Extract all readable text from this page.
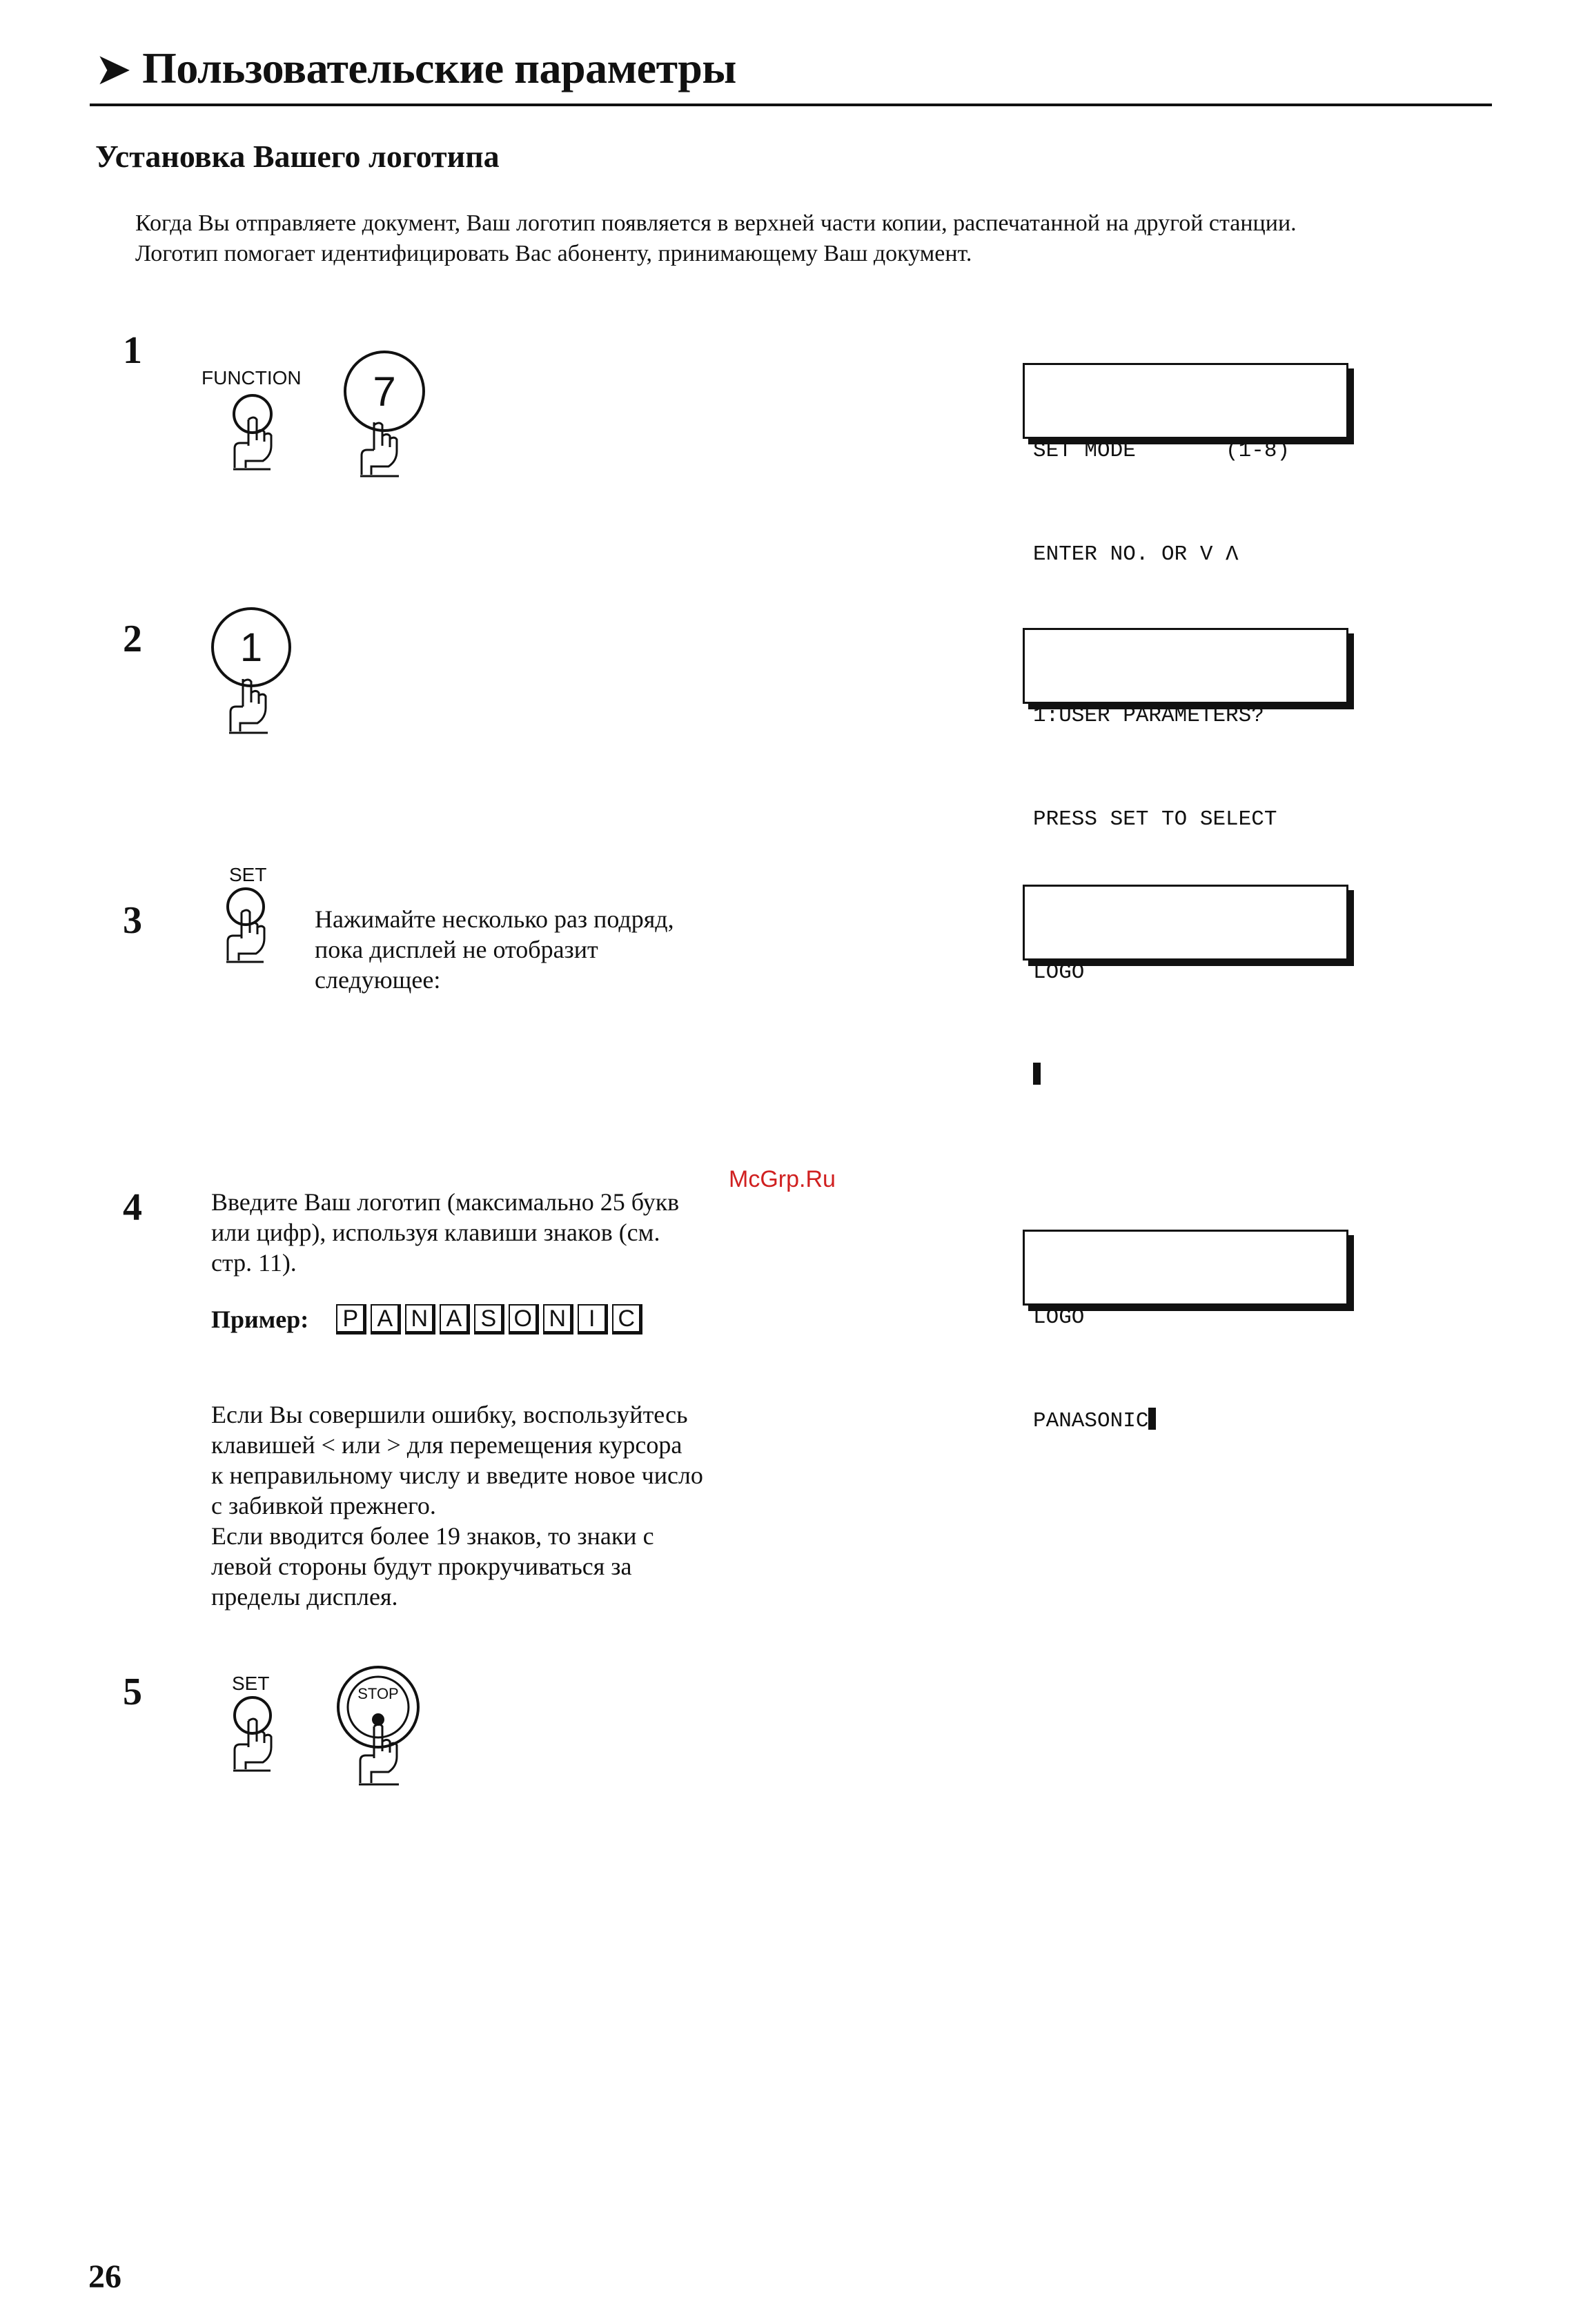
➤ Пользовательские параметры
Установка Вашего логотипа

Когда Вы отправляете документ, Ваш логотип появляется в верхней части копии, распечатанной на другой станции.

Логотип помогает идентифицировать Вас абоненту, принимающему Ваш документ.

1
FUNCTION 7

SET MODE       (1-8)

ENTER NO. OR V Λ

2 1

1:USER PARAMETERS?

PRESS SET TO SELECT

3
SET

Нажимайте несколько раз подряд,

пока дисплей не отобразит

следующее:

	LOGO

McGrp.Ru
4	Введите Ваш логотип (максимально 25 букв

или цифр), используя клавиши знаков (см.

стр. 11).

Пример: P A N A S O N I C

Если Вы совершили ошибку, воспользуйтесь

клавишей < или > для перемещения курсора

к неправильному числу и введите новое число

с забивкой прежнего.

Если вводится более 19 знаков, то знаки с

левой стороны будут прокручиваться за

пределы дисплея.

LOGO

PANASONIC

5	SET	STOP
26
